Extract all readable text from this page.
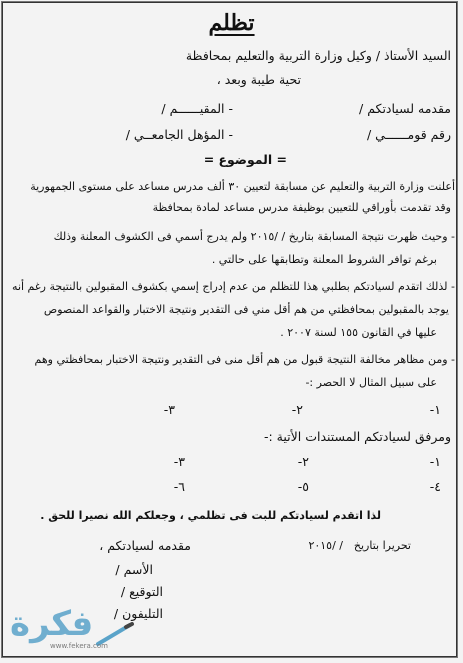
تظلم
السيد الأستاذ / وكيل وزارة التربية والتعليم بمحافظة
تحية طيبة وبعد ،
مقدمه لسيادتكم /
- المقيــــــم /
رقم قومــــــي /
- المؤهل الجامعــي /
= الموضوع =
أعلنت وزارة التربية والتعليم عن مسابقة لتعيين ٣٠ ألف مدرس مساعد على مستوى الجمهورية
وقد تقدمت بأوراقي للتعيين بوظيفة مدرس مساعد لمادة بمحافظة
- وحيث ظهرت نتيجة المسابقة بتاريخ / /٢٠١٥ ولم يدرج أسمي فى الكشوف المعلنة وذلك
برغم توافر الشروط المعلنة وتطابقها على حالتي .
- لذلك اتقدم لسيادتكم بطلبي هذا للتظلم من عدم إدراج إسمي بكشوف المقبولين بالنتيجة رغم أنه
يوجد بالمقبولين بمحافظتي من هم أقل مني فى التقدير ونتيجة الاختبار والقواعد المنصوص
عليها في القانون ١٥٥ لسنة ٢٠٠٧ .
- ومن مظاهر مخالفة النتيجة قبول من هم أقل منى فى التقدير ونتيجة الاختبار بمحافظتي وهم
على سبيل المثال لا الحصر :-
١-
٢-
٣-
ومرفق لسيادتكم المستندات الأتية :-
١-
٢-
٣-
٤-
٥-
٦-
لذا اتقدم لسيادتكم للبت فى تظلمي ، وجعلكم الله نصيرا للحق .
تحريرا بتاريخ
/ /٢٠١٥
مقدمه لسيادتكم ،
الأسم /
التوقيع /
التليفون /
فكرة
www.fekera.com
